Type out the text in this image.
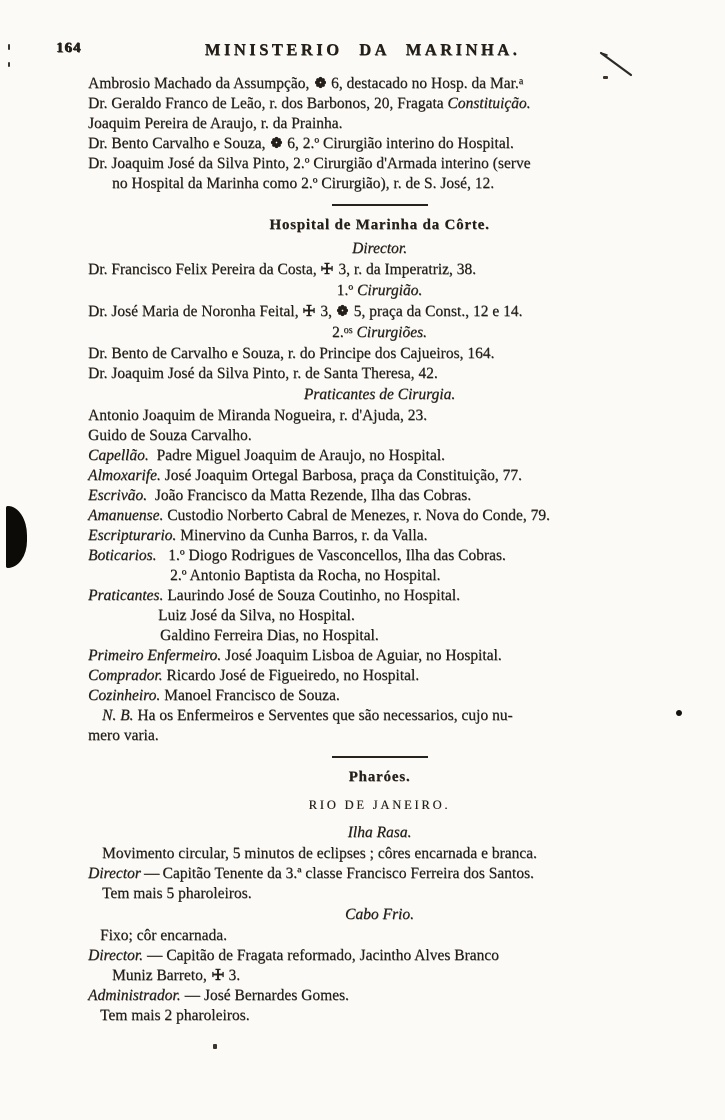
164	MINISTERIO DA MARINHA.
Ambrosio Machado da Assumpção,
6, destacado no Hosp. da Mar.$^a$
Dr. Geraldo Franco de Leão, r. dos Barbonos, 20, Fragata Constituição.
Joaquim Pereira de Araujo, r. da Prainha.
Dr. Bento Carvalho e Souza,
6, 2.º Cirurgião interino do Hospital.
Dr. Joaquim José da Silva Pinto, 2.º Cirurgião d'Armada interino (serve
no Hospital da Marinha como 2.º Cirurgião), r. de S. José, 12.
Hospital de Marinha da Côrte.
Director.
Dr. Francisco Felix Pereira da Costa,
3, r. da Imperatriz, 38.
1.º Cirurgião.
Dr. José Maria de Noronha Feital,
3,
5, praça da Const., 12 e 14.
2.$^{os}$ Cirurgiões.
Dr. Bento de Carvalho e Souza, r. do Principe dos Cajueiros, 164.
Dr. Joaquim José da Silva Pinto, r. de Santa Theresa, 42.
Praticantes de Cirurgia.
Antonio Joaquim de Miranda Nogueira, r. d'Ajuda, 23.
Guido de Souza Carvalho.
Capellão.  Padre Miguel Joaquim de Araujo, no Hospital.
Almoxarife. José Joaquim Ortegal Barbosa, praça da Constituição, 77.
Escrivão.  João Francisco da Matta Rezende, Ilha das Cobras.
Amanuense. Custodio Norberto Cabral de Menezes, r. Nova do Conde, 79.
Escripturario. Minervino da Cunha Barros, r. da Valla.
Boticarios.   1.º Diogo Rodrigues de Vasconcellos, Ilha das Cobras.
2.º Antonio Baptista da Rocha, no Hospital.
Praticantes. Laurindo José de Souza Coutinho, no Hospital.
Luiz José da Silva, no Hospital.
Galdino Ferreira Dias, no Hospital.
Primeiro Enfermeiro. José Joaquim Lisboa de Aguiar, no Hospital.
Comprador. Ricardo José de Figueiredo, no Hospital.
Cozinheiro. Manoel Francisco de Souza.
N. B. Ha os Enfermeiros e Serventes que são necessarios, cujo nu-
mero varia.
Pharóes.
RIO DE JANEIRO.
Ilha Rasa.
Movimento circular, 5 minutos de eclipses ; côres encarnada e branca.
Director — Capitão Tenente da 3.ª classe Francisco Ferreira dos Santos.
Tem mais 5 pharoleiros.
Cabo Frio.
Fixo; côr encarnada.
Director. — Capitão de Fragata reformado, Jacintho Alves Branco
Muniz Barreto,
3.
Administrador. — José Bernardes Gomes.
Tem mais 2 pharoleiros.
